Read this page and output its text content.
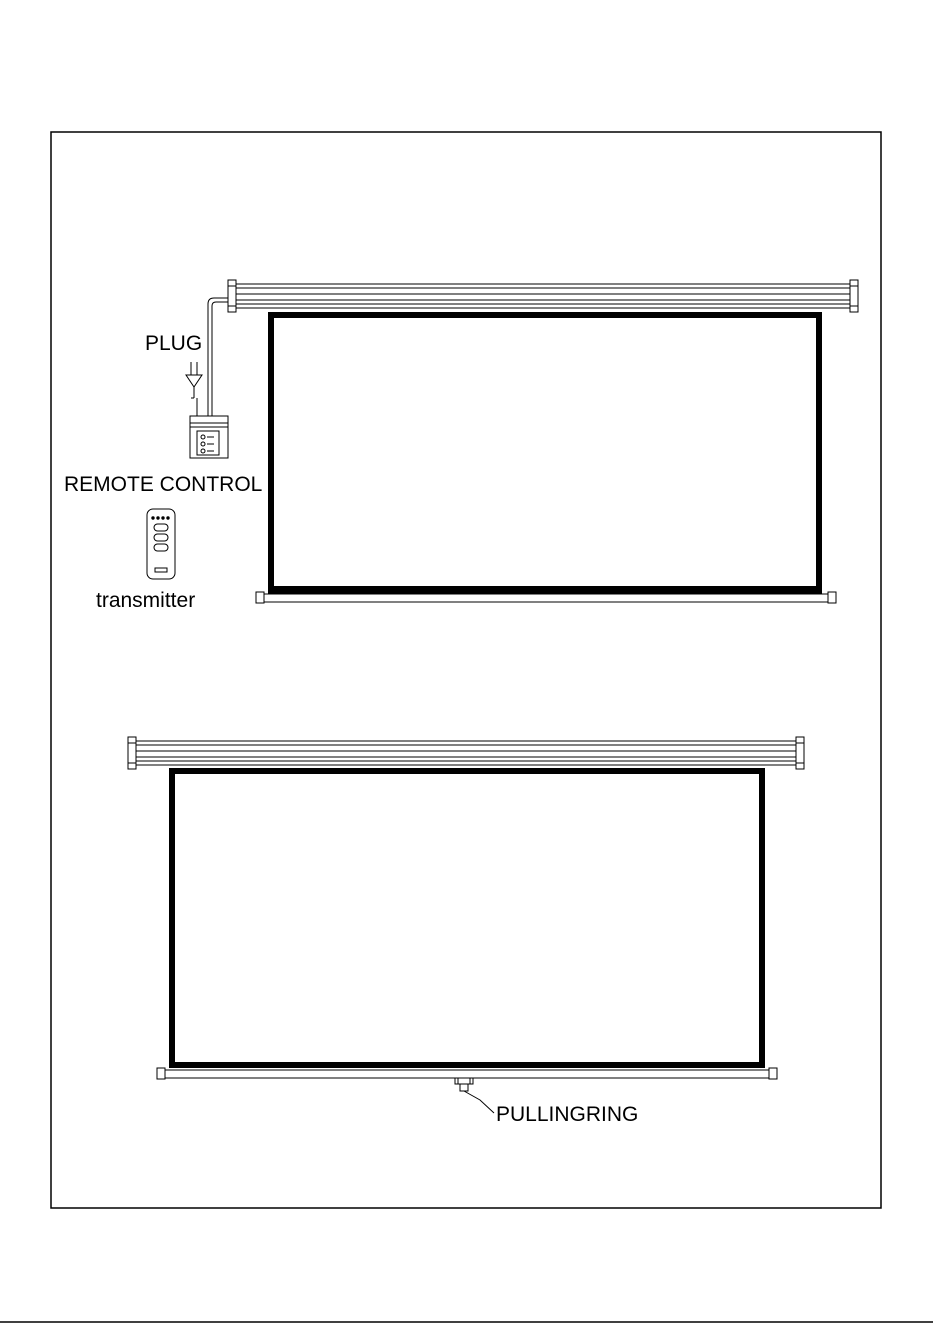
PLUG
REMOTE CONTROL
transmitter
PULLINGRING
